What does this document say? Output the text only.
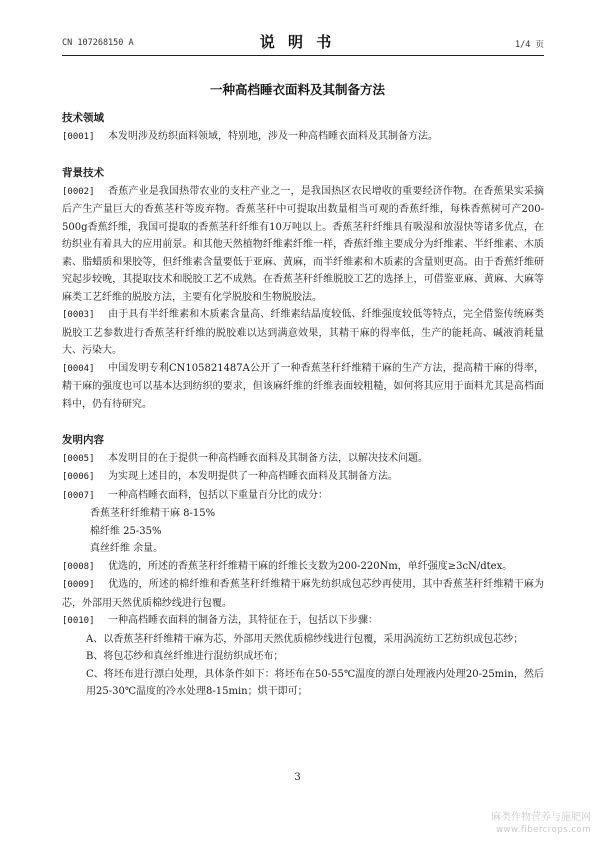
CN 107268150 A	说 明 书	1/4 页
一种高档睡衣面料及其制备方法
技术领域

[0001] 本发明涉及纺织面料领域，特别地，涉及一种高档睡衣面料及其制备方法。

背景技术

[0002] 香蕉产业是我国热带农业的支柱产业之一，是我国热区农民增收的重要经济作物。在香蕉果实采摘后产生产量巨大的香蕉茎秆等废弃物。香蕉茎秆中可提取出数量相当可观的香蕉纤维，每株香蕉树可产200-500g香蕉纤维，我国可提取的香蕉茎秆纤维有10万吨以上。香蕉茎秆纤维具有吸湿和放湿快等诸多优点，在纺织业有着具大的应用前景。和其他天然植物纤维素纤维一样，香蕉纤维主要成分为纤维素、半纤维素、木质素、脂蜡质和果胶等，但纤维素含量要低于亚麻、黄麻，而半纤维素和木质素的含量则更高。由于香蕉纤维研究起步较晚，其提取技术和脱胶工艺不成熟。在香蕉茎秆纤维脱胶工艺的选择上，可借鉴亚麻、黄麻、大麻等麻类工艺纤维的脱胶方法，主要有化学脱胶和生物脱胶法。

[0003] 由于具有半纤维素和木质素含量高、纤维素结晶度较低、纤维强度较低等特点，完全借鉴传统麻类脱胶工艺参数进行香蕉茎秆纤维的脱胶难以达到满意效果，其精干麻的得率低，生产的能耗高、碱液消耗量大、污染大。

[0004] 中国发明专利CN105821487A公开了一种香蕉茎秆纤维精干麻的生产方法，提高精干麻的得率，精干麻的强度也可以基本达到纺织的要求，但该麻纤维的纤维表面较粗糙，如何将其应用于面料尤其是高档面料中，仍有待研究。

发明内容

[0005] 本发明目的在于提供一种高档睡衣面料及其制备方法，以解决技术问题。

[0006] 为实现上述目的，本发明提供了一种高档睡衣面料及其制备方法。

[0007] 一种高档睡衣面料，包括以下重量百分比的成分：

香蕉茎秆纤维精干麻 8-15%

棉纤维 25-35%

真丝纤维 余量。

[0008] 优选的，所述的香蕉茎秆纤维精干麻的纤维长支数为200-220Nm，单纤强度≥3cN/dtex。

[0009] 优选的，所述的棉纤维和香蕉茎秆纤维精干麻先纺织成包芯纱再使用，其中香蕉茎秆纤维精干麻为芯，外部用天然优质棉纱线进行包覆。

[0010] 一种高档睡衣面料的制备方法，其特征在于，包括以下步骤：

A、以香蕉茎秆纤维精干麻为芯，外部用天然优质棉纱线进行包覆，采用涡流纺工艺纺织成包芯纱；

B、将包芯纱和真丝纤维进行混纺织成坯布；

C、将坯布进行漂白处理，具体条件如下：将坯布在50-55℃温度的漂白处理液内处理20-25min，然后用25-30℃温度的冷水处理8-15min；烘干即可；

3
麻类作物营养与施肥网
www.fibercrops.com
